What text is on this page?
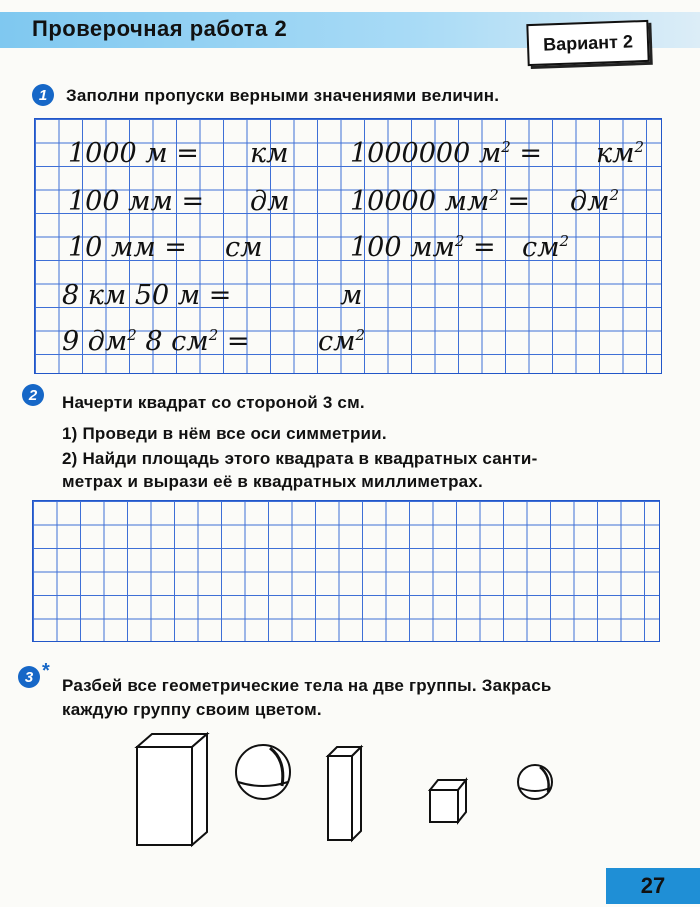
Проверочная работа 2
Вариант 2
1 Заполни пропуски верными значениями величин.
1000 м = км 1000000 $м^2 = км^2$
100 мм = дм 10000 $мм^2 = дм^2$
10 мм = см	100 $мм^2 = см^2$
8 км 50 м =	м
9 $дм^2$ 8 $см^2$ =	$см^2$
2 Начерти квадрат со стороной 3 см.
1) Проведи в нём все оси симметрии.
2) Найди площадь этого квадрата в квадратных санти-
метрах и вырази её в квадратных миллиметрах.
3 *
Разбей все геометрические тела на две группы. Закрась
каждую группу своим цветом.
27
